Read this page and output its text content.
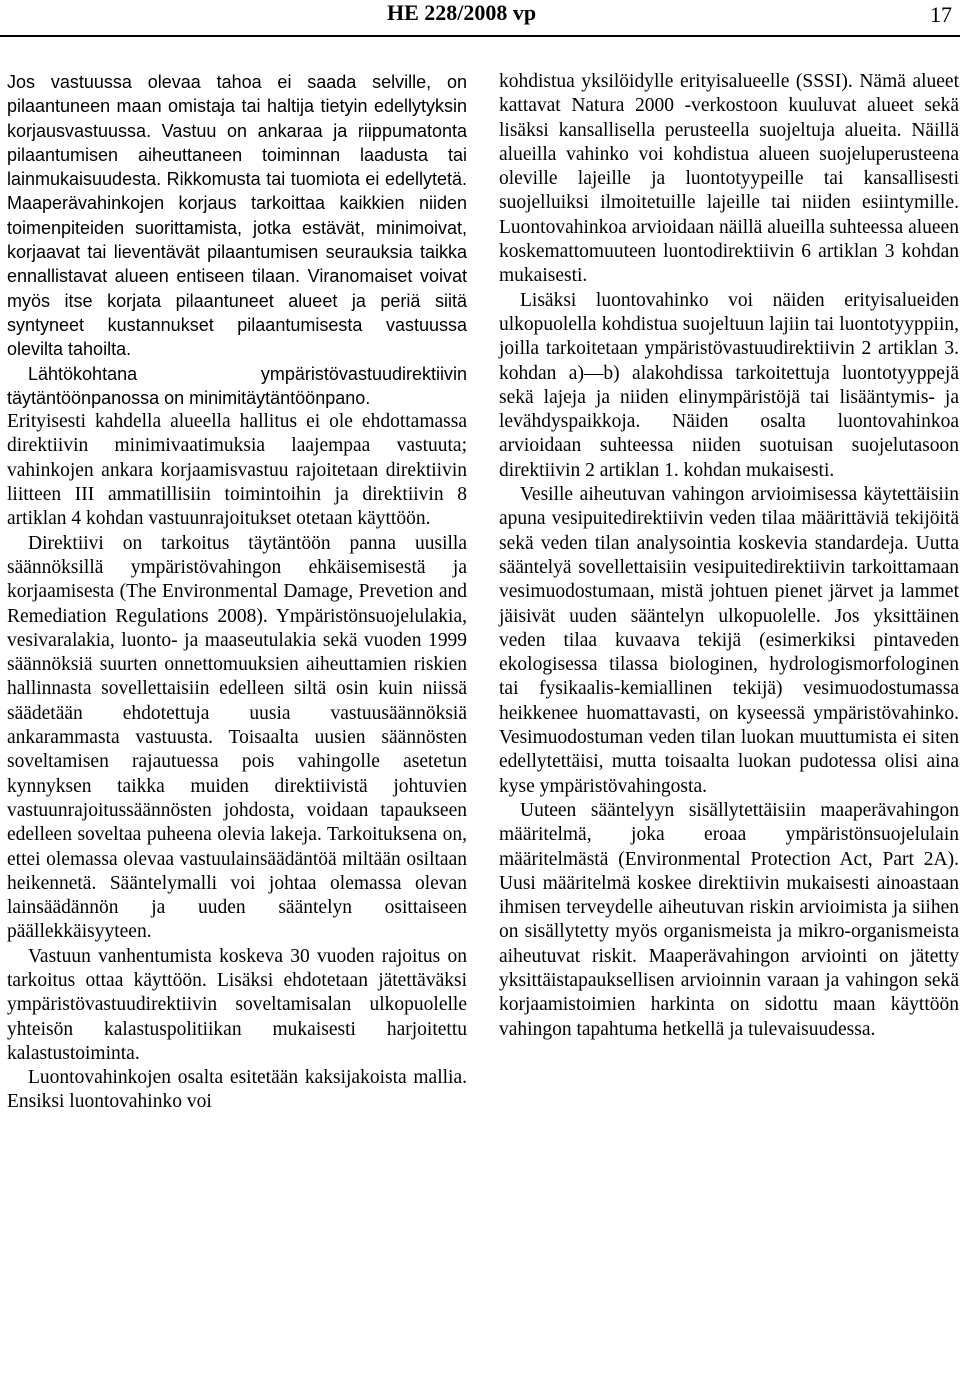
HE 228/2008 vp	17

Jos vastuussa olevaa tahoa ei saada selville, on pilaantuneen maan omistaja tai haltija tietyin edellytyksin korjausvastuussa. Vastuu on ankaraa ja riippumatonta pilaantumisen aiheuttaneen toiminnan laadusta tai lainmukaisuudesta. Rikkomusta tai tuomiota ei edellytetä. Maaperävahinkojen korjaus tarkoittaa kaikkien niiden toimenpiteiden suorittamista, jotka estävät, minimoivat, korjaavat tai lieventävät pilaantumisen seurauksia taikka ennallistavat alueen entiseen tilaan. Viranomaiset voivat myös itse korjata pilaantuneet alueet ja periä siitä syntyneet kustannukset pilaantumisesta vastuussa olevilta tahoilta.

Lähtökohtana ympäristövastuudirektiivin täytäntöönpanossa on minimitäytäntöönpano.

Erityisesti kahdella alueella hallitus ei ole ehdottamassa direktiivin minimivaatimuksia laajempaa vastuuta; vahinkojen ankara korjaamisvastuu rajoitetaan direktiivin liitteen III ammatillisiin toimintoihin ja direktiivin 8 artiklan 4 kohdan vastuunrajoitukset otetaan käyttöön.

Direktiivi on tarkoitus täytäntöön panna uusilla säännöksillä ympäristövahingon ehkäisemisestä ja korjaamisesta (The Environmental Damage, Prevetion and Remediation Regulations 2008). Ympäristönsuojelulakia, vesivaralakia, luonto- ja maaseutulakia sekä vuoden 1999 säännöksiä suurten onnettomuuksien aiheuttamien riskien hallinnasta sovellettaisiin edelleen siltä osin kuin niissä säädetään ehdotettuja uusia vastuusäännöksiä ankarammasta vastuusta. Toisaalta uusien säännösten soveltamisen rajautuessa pois vahingolle asetetun kynnyksen taikka muiden direktiivistä johtuvien vastuunrajoitussäännösten johdosta, voidaan tapaukseen edelleen soveltaa puheena olevia lakeja. Tarkoituksena on, ettei olemassa olevaa vastuulainsäädäntöä miltään osiltaan heikennetä. Sääntelymalli voi johtaa olemassa olevan lainsäädännön ja uuden sääntelyn osittaiseen päällekkäisyyteen.

Vastuun vanhentumista koskeva 30 vuoden rajoitus on tarkoitus ottaa käyttöön. Lisäksi ehdotetaan jätettäväksi ympäristövastuudirektiivin soveltamisalan ulkopuolelle yhteisön kalastuspolitiikan mukaisesti harjoitettu kalastustoiminta.

Luontovahinkojen osalta esitetään kaksijakoista mallia. Ensiksi luontovahinko voi

kohdistua yksilöidylle erityisalueelle (SSSI). Nämä alueet kattavat Natura 2000 -verkostoon kuuluvat alueet sekä lisäksi kansallisella perusteella suojeltuja alueita. Näillä alueilla vahinko voi kohdistua alueen suojeluperusteena oleville lajeille ja luontotyypeille tai kansallisesti suojelluiksi ilmoitetuille lajeille tai niiden esiintymille. Luontovahinkoa arvioidaan näillä alueilla suhteessa alueen koskemattomuuteen luontodirektiivin 6 artiklan 3 kohdan mukaisesti.

Lisäksi luontovahinko voi näiden erityisalueiden ulkopuolella kohdistua suojeltuun lajiin tai luontotyyppiin, joilla tarkoitetaan ympäristövastuudirektiivin 2 artiklan 3. kohdan a)—b) alakohdissa tarkoitettuja luontotyyppejä sekä lajeja ja niiden elinympäristöjä tai lisääntymis- ja levähdyspaikkoja. Näiden osalta luontovahinkoa arvioidaan suhteessa niiden suotuisan suojelutasoon direktiivin 2 artiklan 1. kohdan mukaisesti.

Vesille aiheutuvan vahingon arvioimisessa käytettäisiin apuna vesipuitedirektiivin veden tilaa määrittäviä tekijöitä sekä veden tilan analysointia koskevia standardeja. Uutta sääntelyä sovellettaisiin vesipuitedirektiivin tarkoittamaan vesimuodostumaan, mistä johtuen pienet järvet ja lammet jäisivät uuden sääntelyn ulkopuolelle. Jos yksittäinen veden tilaa kuvaava tekijä (esimerkiksi pintaveden ekologisessa tilassa biologinen, hydrologismorfologinen tai fysikaalis-kemiallinen tekijä) vesimuodostumassa heikkenee huomattavasti, on kyseessä ympäristövahinko. Vesimuodostuman veden tilan luokan muuttumista ei siten edellytettäisi, mutta toisaalta luokan pudotessa olisi aina kyse ympäristövahingosta.

Uuteen sääntelyyn sisällytettäisiin maaperävahingon määritelmä, joka eroaa ympäristönsuojelulain määritelmästä (Environmental Protection Act, Part 2A). Uusi määritelmä koskee direktiivin mukaisesti ainoastaan ihmisen terveydelle aiheutuvan riskin arvioimista ja siihen on sisällytetty myös organismeista ja mikro-organismeista aiheutuvat riskit. Maaperävahingon arviointi on jätetty yksittäistapauksellisen arvioinnin varaan ja vahingon sekä korjaamistoimien harkinta on sidottu maan käyttöön vahingon tapahtuma hetkellä ja tulevaisuudessa.
